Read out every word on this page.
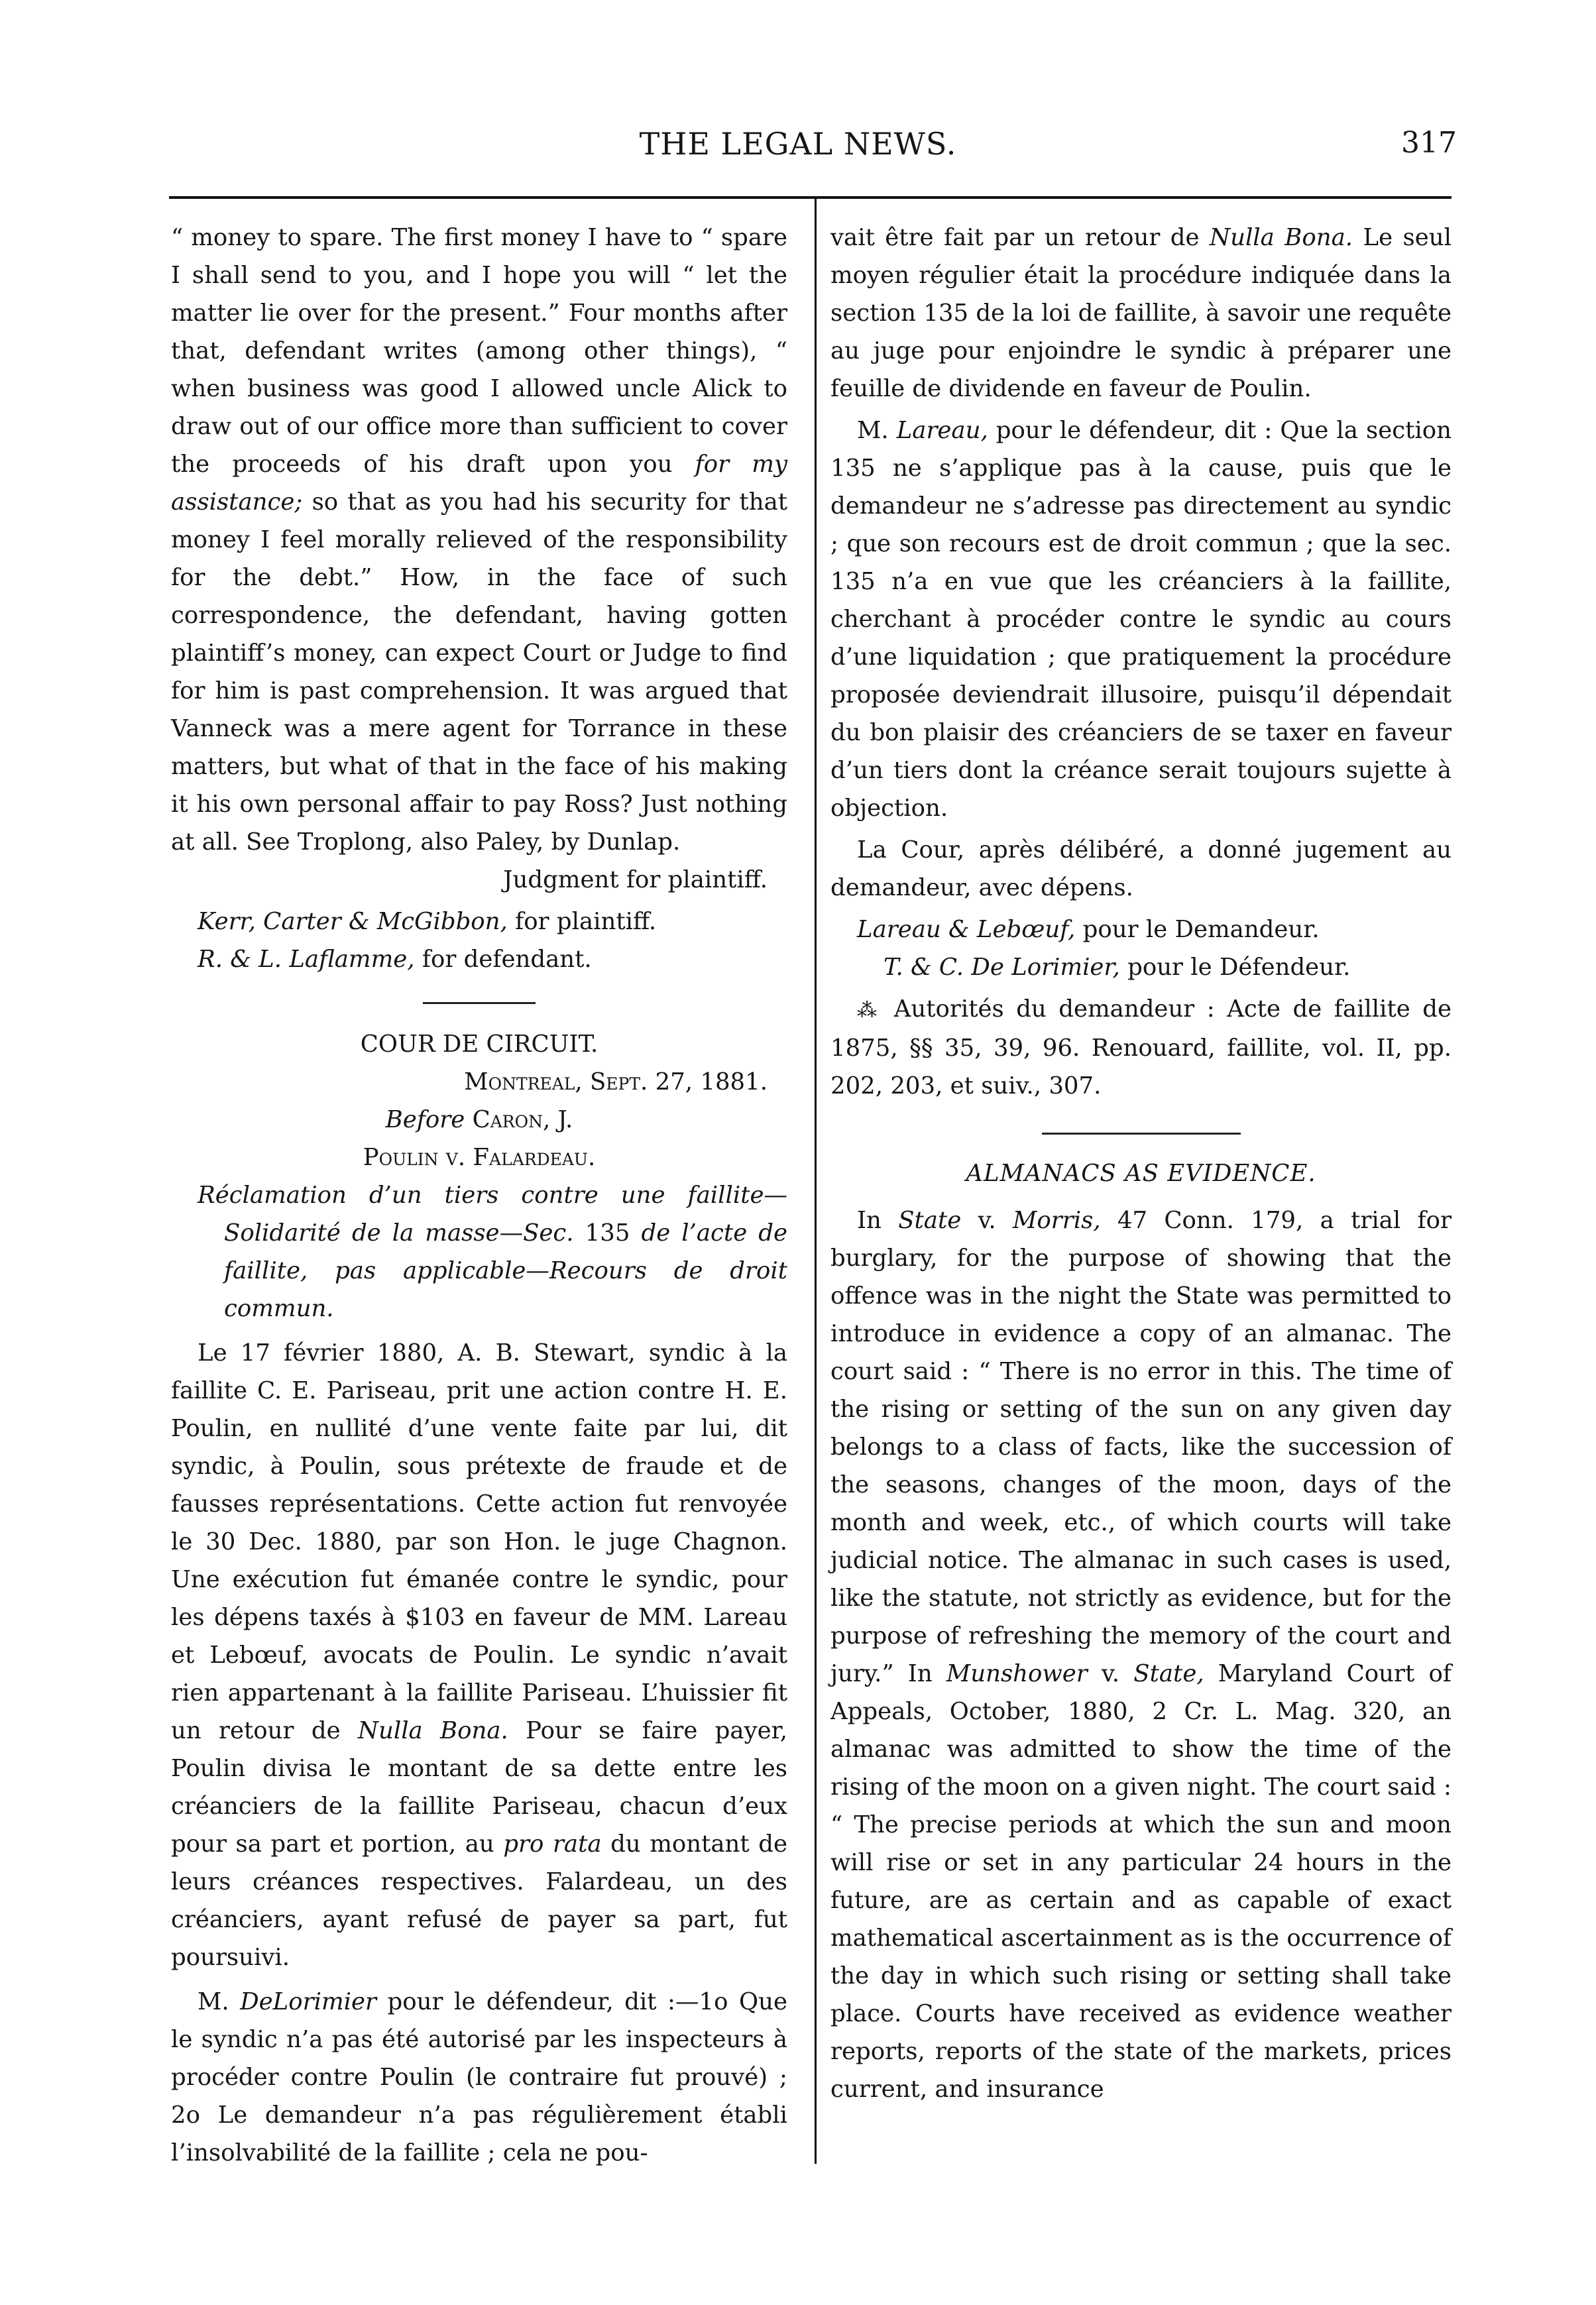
THE LEGAL NEWS.	317

“ money to spare. The first money I have to “ spare I shall send to you, and I hope you will “ let the matter lie over for the present.” Four months after that, defendant writes (among other things), “ when business was good I allowed uncle Alick to draw out of our office more than sufficient to cover the proceeds of his draft upon you for my assistance; so that as you had his security for that money I feel morally relieved of the responsibility for the debt.” How, in the face of such correspondence, the defendant, having gotten plaintiff’s money, can expect Court or Judge to find for him is past comprehension. It was argued that Vanneck was a mere agent for Torrance in these matters, but what of that in the face of his making it his own personal affair to pay Ross? Just nothing at all. See Troplong, also Paley, by Dunlap.

Judgment for plaintiff.

Kerr, Carter & McGibbon, for plaintiff.

R. & L. Laflamme, for defendant.

COUR DE CIRCUIT.

Montreal, Sept. 27, 1881.

Before Caron, J.

Poulin v. Falardeau.

Réclamation d’un tiers contre une faillite—Solidarité de la masse—Sec. 135 de l’acte de faillite, pas applicable—Recours de droit commun.

Le 17 février 1880, A. B. Stewart, syndic à la faillite C. E. Pariseau, prit une action contre H. E. Poulin, en nullité d’une vente faite par lui, dit syndic, à Poulin, sous prétexte de fraude et de fausses représentations. Cette action fut renvoyée le 30 Dec. 1880, par son Hon. le juge Chagnon. Une exécution fut émanée contre le syndic, pour les dépens taxés à $103 en faveur de MM. Lareau et Lebœuf, avocats de Poulin. Le syndic n’avait rien appartenant à la faillite Pariseau. L’huissier fit un retour de Nulla Bona. Pour se faire payer, Poulin divisa le montant de sa dette entre les créanciers de la faillite Pariseau, chacun d’eux pour sa part et portion, au pro rata du montant de leurs créances respectives. Falardeau, un des créanciers, ayant refusé de payer sa part, fut poursuivi.

M. DeLorimier pour le défendeur, dit :—1o Que le syndic n’a pas été autorisé par les inspecteurs à procéder contre Poulin (le contraire fut prouvé) ; 2o Le demandeur n’a pas régulièrement établi l’insolvabilité de la faillite ; cela ne pou-

vait être fait par un retour de Nulla Bona. Le seul moyen régulier était la procédure indiquée dans la section 135 de la loi de faillite, à savoir une requête au juge pour enjoindre le syndic à préparer une feuille de dividende en faveur de Poulin.

M. Lareau, pour le défendeur, dit : Que la section 135 ne s’applique pas à la cause, puis que le demandeur ne s’adresse pas directement au syndic ; que son recours est de droit commun ; que la sec. 135 n’a en vue que les créanciers à la faillite, cherchant à procéder contre le syndic au cours d’une liquidation ; que pratiquement la procédure proposée deviendrait illusoire, puisqu’il dépendait du bon plaisir des créanciers de se taxer en faveur d’un tiers dont la créance serait toujours sujette à objection.

La Cour, après délibéré, a donné jugement au demandeur, avec dépens.

Lareau & Lebœuf, pour le Demandeur.

T. & C. De Lorimier, pour le Défendeur.

⁂ Autorités du demandeur : Acte de faillite de 1875, §§ 35, 39, 96. Renouard, faillite, vol. II, pp. 202, 203, et suiv., 307.

ALMANACS AS EVIDENCE.

In State v. Morris, 47 Conn. 179, a trial for burglary, for the purpose of showing that the offence was in the night the State was permitted to introduce in evidence a copy of an almanac. The court said : “ There is no error in this. The time of the rising or setting of the sun on any given day belongs to a class of facts, like the succession of the seasons, changes of the moon, days of the month and week, etc., of which courts will take judicial notice. The almanac in such cases is used, like the statute, not strictly as evidence, but for the purpose of refreshing the memory of the court and jury.” In Munshower v. State, Maryland Court of Appeals, October, 1880, 2 Cr. L. Mag. 320, an almanac was admitted to show the time of the rising of the moon on a given night. The court said : “ The precise periods at which the sun and moon will rise or set in any particular 24 hours in the future, are as certain and as capable of exact mathematical ascertainment as is the occurrence of the day in which such rising or setting shall take place. Courts have received as evidence weather reports, reports of the state of the markets, prices current, and insurance
